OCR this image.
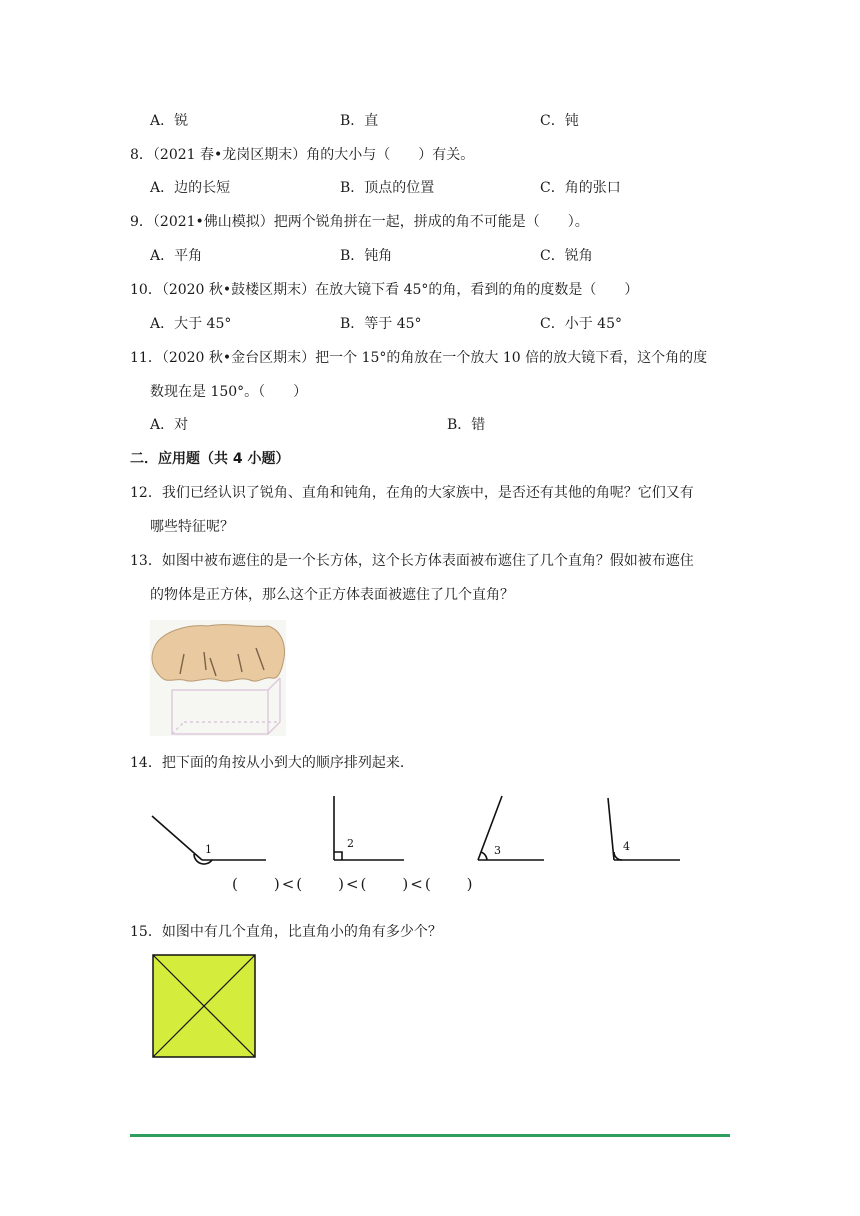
A．锐	B．直	C．钝
8．（2021 春•龙岗区期末）角的大小与（　　）有关。
A．边的长短	B．顶点的位置	C．角的张口
9．（2021•佛山模拟）把两个锐角拼在一起，拼成的角不可能是（　　）。
A．平角	B．钝角	C．锐角
10．（2020 秋•鼓楼区期末）在放大镜下看 45°的角，看到的角的度数是（　　）
A．大于 45°	B．等于 45°	C．小于 45°
11．（2020 秋•金台区期末）把一个 15°的角放在一个放大 10 倍的放大镜下看，这个角的度
数现在是 150°。（　　）
A．对	B．错
二．应用题（共 4 小题）
12．我们已经认识了锐角、直角和钝角，在角的大家族中，是否还有其他的角呢？它们又有
哪些特征呢？
13．如图中被布遮住的是一个长方体，这个长方体表面被布遮住了几个直角？假如被布遮住
的物体是正方体，那么这个正方体表面被遮住了几个直角？
14．把下面的角按从小到大的顺序排列起来.
1	2
3	4
(　　)<(　　)<(　　)<(　　)
15．如图中有几个直角，比直角小的角有多少个？
